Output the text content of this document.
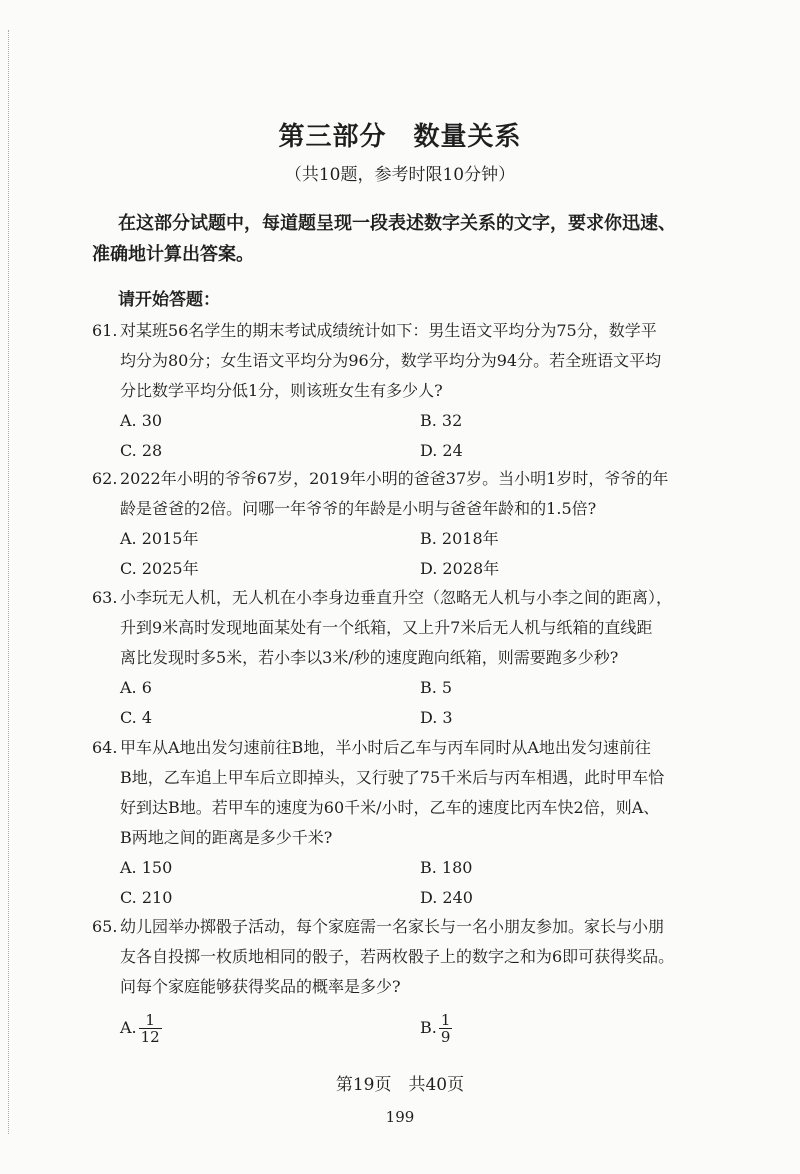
第三部分　数量关系
（共10题，参考时限10分钟）
在这部分试题中，每道题呈现一段表述数字关系的文字，要求你迅速、
准确地计算出答案。
请开始答题：
61. 对某班56名学生的期末考试成绩统计如下：男生语文平均分为75分，数学平
均分为80分；女生语文平均分为96分，数学平均分为94分。若全班语文平均
分比数学平均分低1分，则该班女生有多少人?
A. 30	B. 32
C. 28	D. 24
62. 2022年小明的爷爷67岁，2019年小明的爸爸37岁。当小明1岁时，爷爷的年
龄是爸爸的2倍。问哪一年爷爷的年龄是小明与爸爸年龄和的1.5倍?
A. 2015年	B. 2018年
C. 2025年	D. 2028年
63. 小李玩无人机，无人机在小李身边垂直升空（忽略无人机与小李之间的距离），
升到9米高时发现地面某处有一个纸箱，又上升7米后无人机与纸箱的直线距
离比发现时多5米，若小李以3米/秒的速度跑向纸箱，则需要跑多少秒?
A. 6	B. 5
C. 4	D. 3
64. 甲车从A地出发匀速前往B地，半小时后乙车与丙车同时从A地出发匀速前往
B地，乙车追上甲车后立即掉头，又行驶了75千米后与丙车相遇，此时甲车恰
好到达B地。若甲车的速度为60千米/小时，乙车的速度比丙车快2倍，则A、
B两地之间的距离是多少千米?
A. 150	B. 180
C. 210	D. 240
65. 幼儿园举办掷骰子活动，每个家庭需一名家长与一名小朋友参加。家长与小朋
友各自投掷一枚质地相同的骰子，若两枚骰子上的数字之和为6即可获得奖品。
问每个家庭能够获得奖品的概率是多少?
A. $\frac{1}{12}$	B. $\frac{1}{9}$
第19页　共40页
199
